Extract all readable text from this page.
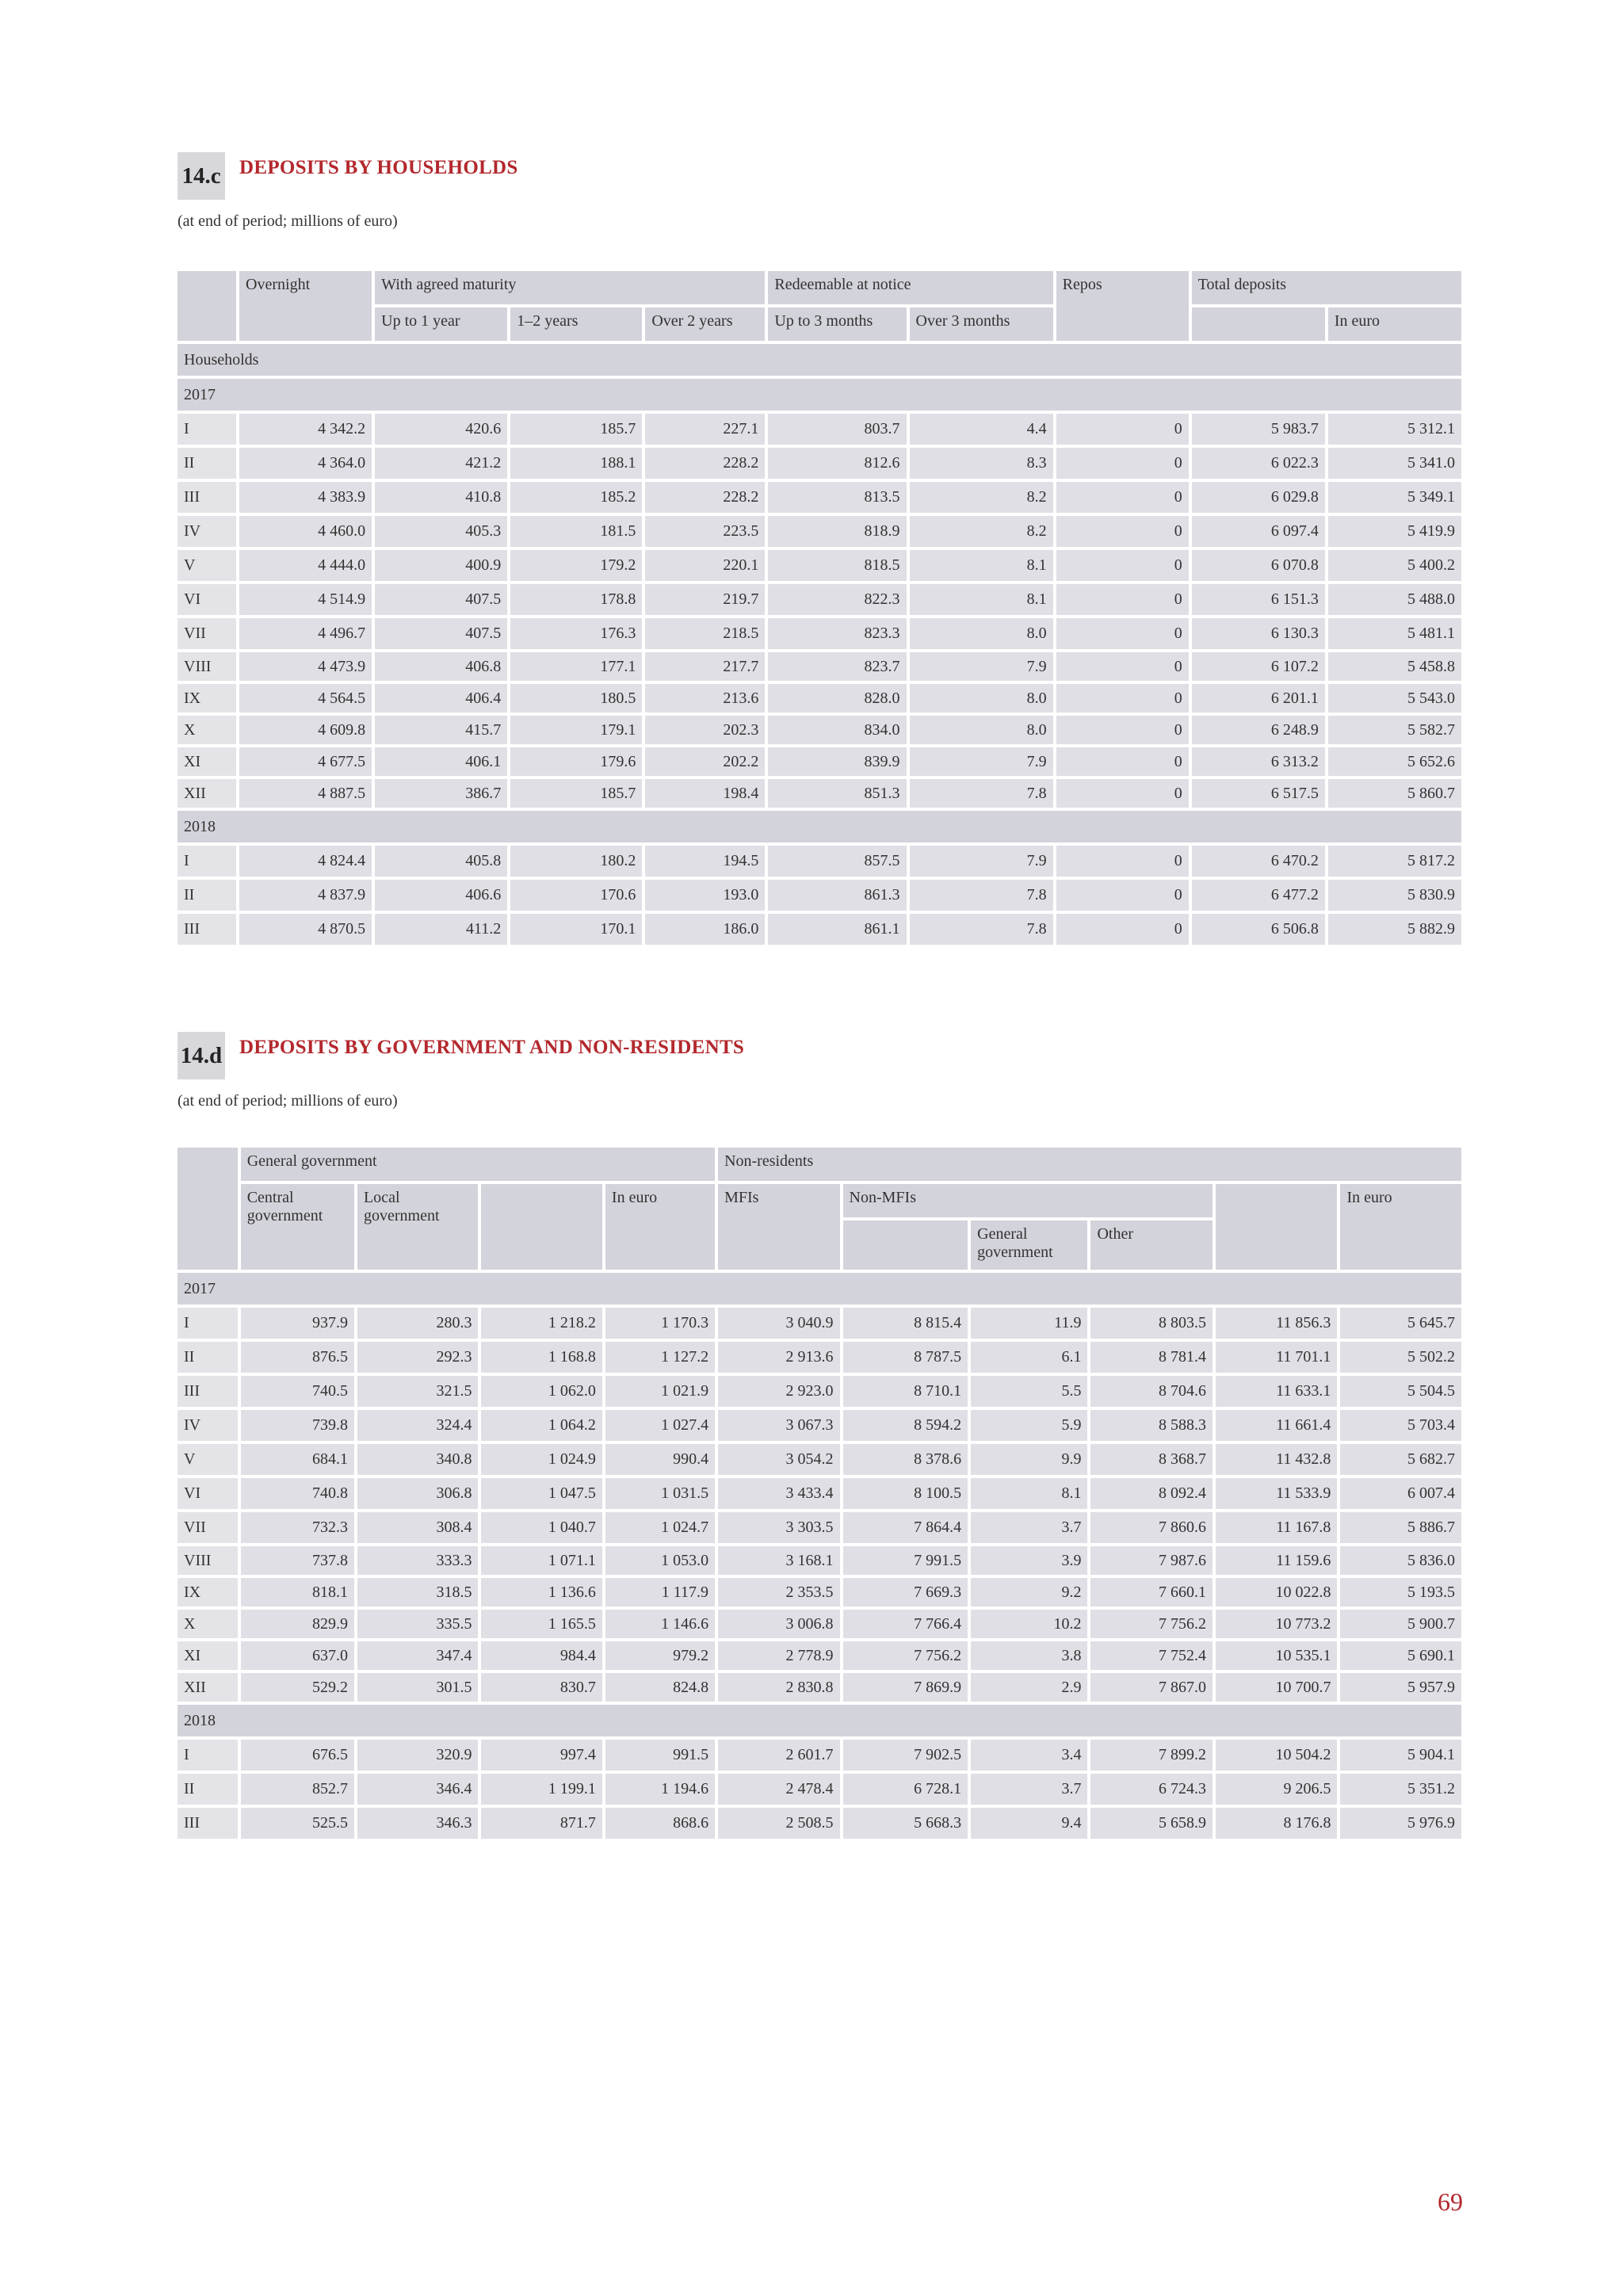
14.c DEPOSITS BY HOUSEHOLDS
(at end of period; millions of euro)
	Overnight	With agreed maturity			Redeemable at notice		Repos	Total deposits	
		Up to 1 year	1–2 years	Over 2 years	Up to 3 months	Over 3 months			In euro
Households									
2017									
I	4 342.2	420.6	185.7	227.1	803.7	4.4	0	5 983.7	5 312.1
II	4 364.0	421.2	188.1	228.2	812.6	8.3	0	6 022.3	5 341.0
III	4 383.9	410.8	185.2	228.2	813.5	8.2	0	6 029.8	5 349.1
IV	4 460.0	405.3	181.5	223.5	818.9	8.2	0	6 097.4	5 419.9
V	4 444.0	400.9	179.2	220.1	818.5	8.1	0	6 070.8	5 400.2
VI	4 514.9	407.5	178.8	219.7	822.3	8.1	0	6 151.3	5 488.0
VII	4 496.7	407.5	176.3	218.5	823.3	8.0	0	6 130.3	5 481.1
VIII	4 473.9	406.8	177.1	217.7	823.7	7.9	0	6 107.2	5 458.8
IX	4 564.5	406.4	180.5	213.6	828.0	8.0	0	6 201.1	5 543.0
X	4 609.8	415.7	179.1	202.3	834.0	8.0	0	6 248.9	5 582.7
XI	4 677.5	406.1	179.6	202.2	839.9	7.9	0	6 313.2	5 652.6
XII	4 887.5	386.7	185.7	198.4	851.3	7.8	0	6 517.5	5 860.7
2018									
I	4 824.4	405.8	180.2	194.5	857.5	7.9	0	6 470.2	5 817.2
II	4 837.9	406.6	170.6	193.0	861.3	7.8	0	6 477.2	5 830.9
III	4 870.5	411.2	170.1	186.0	861.1	7.8	0	6 506.8	5 882.9
14.d DEPOSITS BY GOVERNMENT AND NON-RESIDENTS
(at end of period; millions of euro)
	General government				Non-residents					
	Central government	Local government		In euro	MFIs	Non-MFIs				In euro
							General government	Other		
2017										
I	937.9	280.3	1 218.2	1 170.3	3 040.9	8 815.4	11.9	8 803.5	11 856.3	5 645.7
II	876.5	292.3	1 168.8	1 127.2	2 913.6	8 787.5	6.1	8 781.4	11 701.1	5 502.2
III	740.5	321.5	1 062.0	1 021.9	2 923.0	8 710.1	5.5	8 704.6	11 633.1	5 504.5
IV	739.8	324.4	1 064.2	1 027.4	3 067.3	8 594.2	5.9	8 588.3	11 661.4	5 703.4
V	684.1	340.8	1 024.9	990.4	3 054.2	8 378.6	9.9	8 368.7	11 432.8	5 682.7
VI	740.8	306.8	1 047.5	1 031.5	3 433.4	8 100.5	8.1	8 092.4	11 533.9	6 007.4
VII	732.3	308.4	1 040.7	1 024.7	3 303.5	7 864.4	3.7	7 860.6	11 167.8	5 886.7
VIII	737.8	333.3	1 071.1	1 053.0	3 168.1	7 991.5	3.9	7 987.6	11 159.6	5 836.0
IX	818.1	318.5	1 136.6	1 117.9	2 353.5	7 669.3	9.2	7 660.1	10 022.8	5 193.5
X	829.9	335.5	1 165.5	1 146.6	3 006.8	7 766.4	10.2	7 756.2	10 773.2	5 900.7
XI	637.0	347.4	984.4	979.2	2 778.9	7 756.2	3.8	7 752.4	10 535.1	5 690.1
XII	529.2	301.5	830.7	824.8	2 830.8	7 869.9	2.9	7 867.0	10 700.7	5 957.9
2018										
I	676.5	320.9	997.4	991.5	2 601.7	7 902.5	3.4	7 899.2	10 504.2	5 904.1
II	852.7	346.4	1 199.1	1 194.6	2 478.4	6 728.1	3.7	6 724.3	9 206.5	5 351.2
III	525.5	346.3	871.7	868.6	2 508.5	5 668.3	9.4	5 658.9	8 176.8	5 976.9
69
